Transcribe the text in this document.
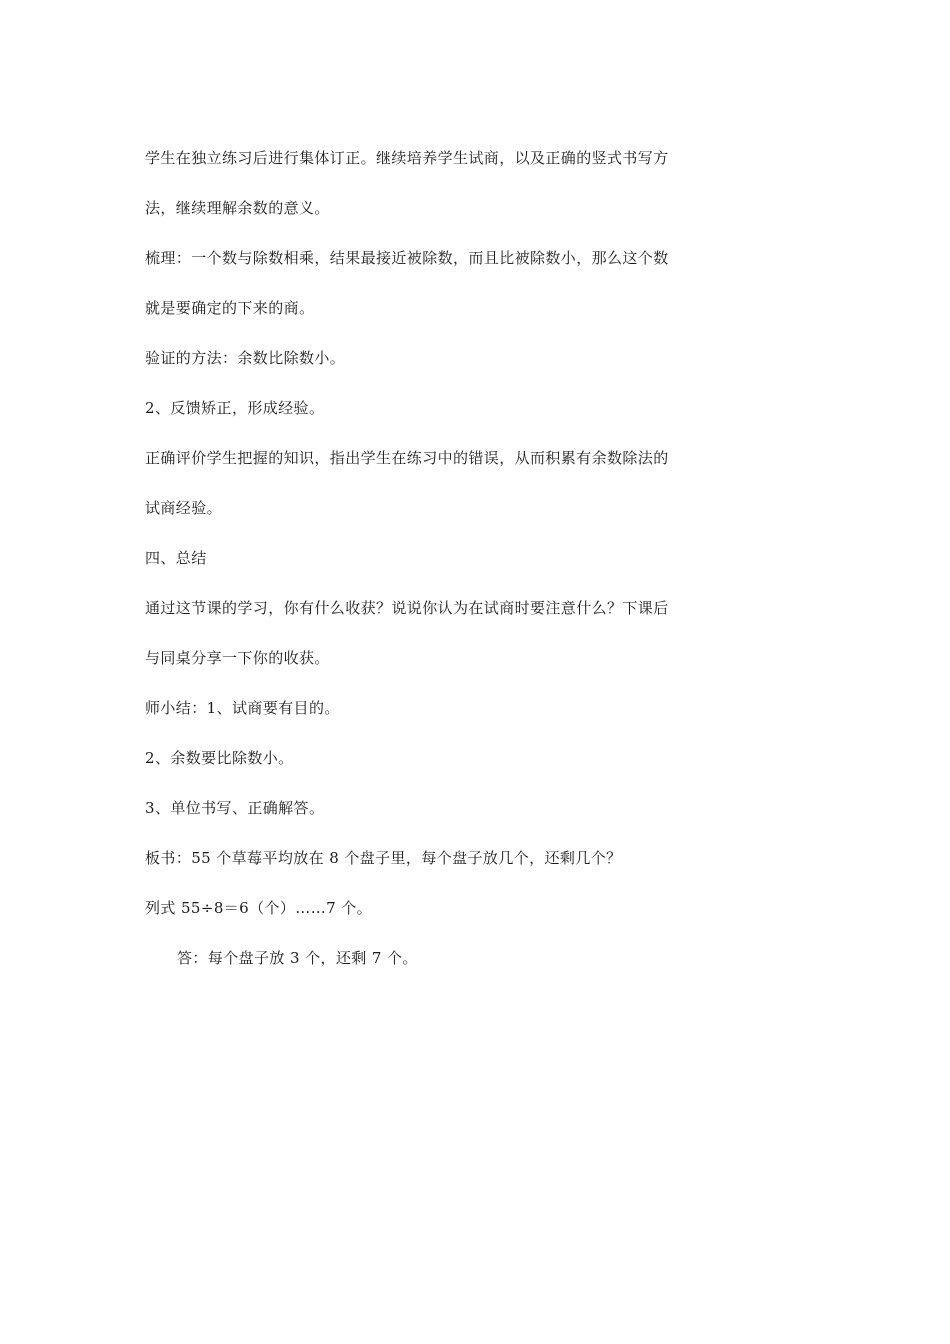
学生在独立练习后进行集体订正。继续培养学生试商，以及正确的竖式书写方

法，继续理解余数的意义。

梳理：一个数与除数相乘，结果最接近被除数，而且比被除数小，那么这个数

就是要确定的下来的商。

验证的方法：余数比除数小。

2、反馈矫正，形成经验。

正确评价学生把握的知识，指出学生在练习中的错误，从而积累有余数除法的

试商经验。

四、总结

通过这节课的学习，你有什么收获？说说你认为在试商时要注意什么？下课后

与同桌分享一下你的收获。

师小结：1、试商要有目的。

2、余数要比除数小。

3、单位书写、正确解答。

板书：55 个草莓平均放在 8 个盘子里，每个盘子放几个，还剩几个？

列式 55÷8＝6（个）……7 个。

答：每个盘子放 3 个，还剩 7 个。
